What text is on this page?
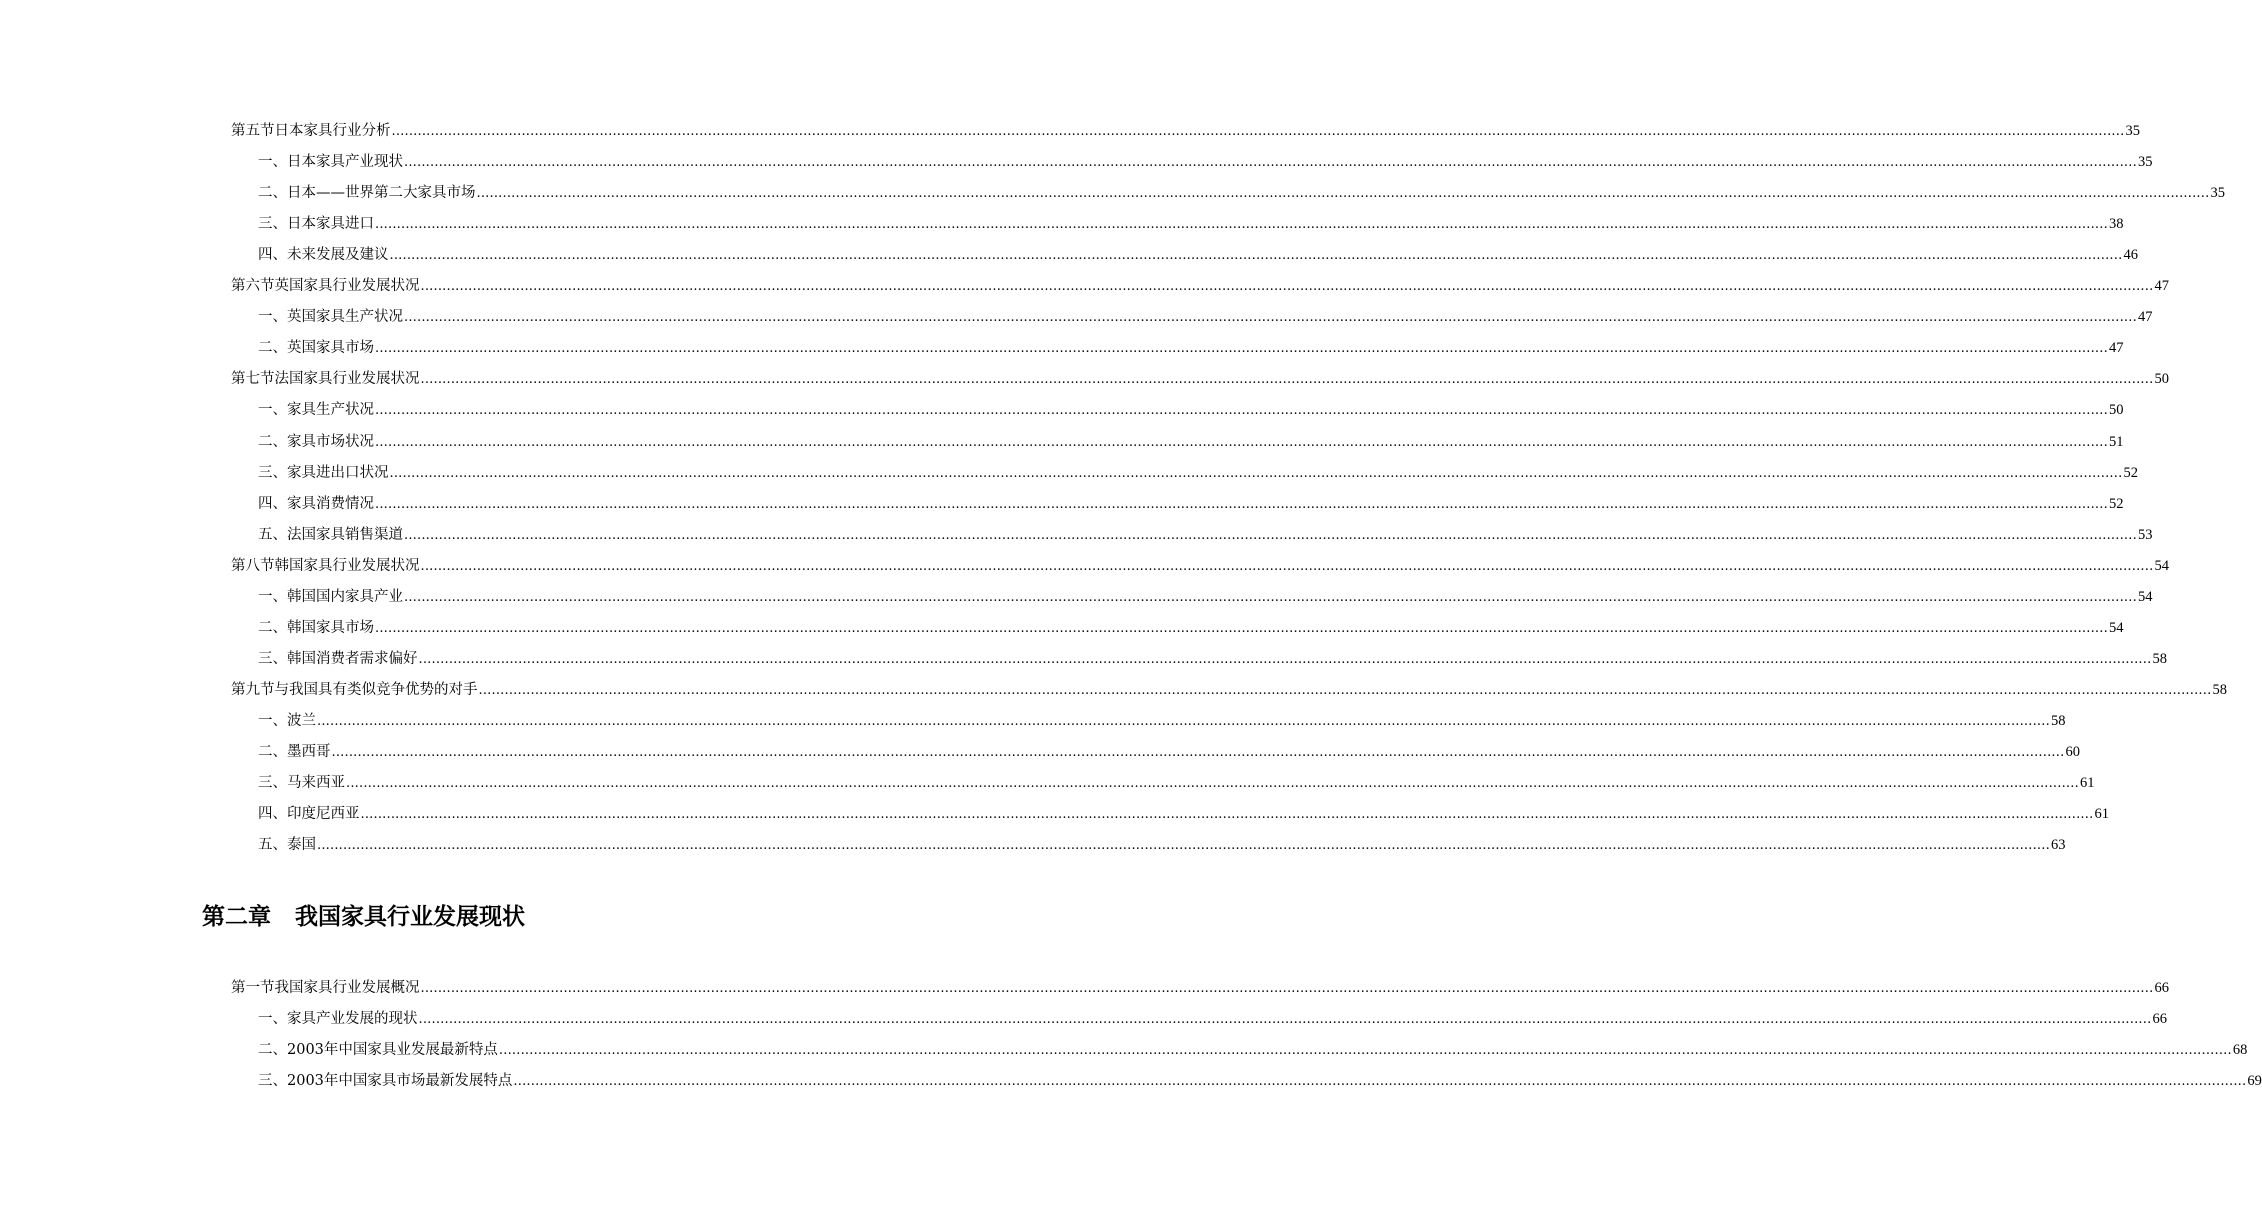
第五节 日本家具行业分析 ................................................................................................................................................................................................................................................................................................................................................................................................................ 35
一、日本家具产业现状 ................................................................................................................................................................................................................................................................................................................................................................................................................ 35
二、日本——世界第二大家具市场 ................................................................................................................................................................................................................................................................................................................................................................................................................ 35
三、日本家具进口 ................................................................................................................................................................................................................................................................................................................................................................................................................ 38
四、未来发展及建议 ................................................................................................................................................................................................................................................................................................................................................................................................................ 46
第六节 英国家具行业发展状况 ................................................................................................................................................................................................................................................................................................................................................................................................................ 47
一、英国家具生产状况 ................................................................................................................................................................................................................................................................................................................................................................................................................ 47
二、英国家具市场 ................................................................................................................................................................................................................................................................................................................................................................................................................ 47
第七节 法国家具行业发展状况 ................................................................................................................................................................................................................................................................................................................................................................................................................ 50
一、家具生产状况 ................................................................................................................................................................................................................................................................................................................................................................................................................ 50
二、家具市场状况 ................................................................................................................................................................................................................................................................................................................................................................................................................ 51
三、家具进出口状况 ................................................................................................................................................................................................................................................................................................................................................................................................................ 52
四、家具消费情况 ................................................................................................................................................................................................................................................................................................................................................................................................................ 52
五、法国家具销售渠道 ................................................................................................................................................................................................................................................................................................................................................................................................................ 53
第八节 韩国家具行业发展状况 ................................................................................................................................................................................................................................................................................................................................................................................................................ 54
一、韩国国内家具产业 ................................................................................................................................................................................................................................................................................................................................................................................................................ 54
二、韩国家具市场 ................................................................................................................................................................................................................................................................................................................................................................................................................ 54
三、韩国消费者需求偏好 ................................................................................................................................................................................................................................................................................................................................................................................................................ 58
第九节 与我国具有类似竞争优势的对手 ................................................................................................................................................................................................................................................................................................................................................................................................................ 58
一、波兰 ................................................................................................................................................................................................................................................................................................................................................................................................................ 58
二、墨西哥 ................................................................................................................................................................................................................................................................................................................................................................................................................ 60
三、马来西亚 ................................................................................................................................................................................................................................................................................................................................................................................................................ 61
四、印度尼西亚 ................................................................................................................................................................................................................................................................................................................................................................................................................ 61
五、泰国 ................................................................................................................................................................................................................................................................................................................................................................................................................ 63
第一节 我国家具行业发展概况 ................................................................................................................................................................................................................................................................................................................................................................................................................ 66
一、家具产业发展的现状 ................................................................................................................................................................................................................................................................................................................................................................................................................ 66
二、2003年中国家具业发展最新特点 ................................................................................................................................................................................................................................................................................................................................................................................................................ 68
三、2003年中国家具市场最新发展特点 ................................................................................................................................................................................................................................................................................................................................................................................................................ 69
第二章 我国家具行业发展现状
